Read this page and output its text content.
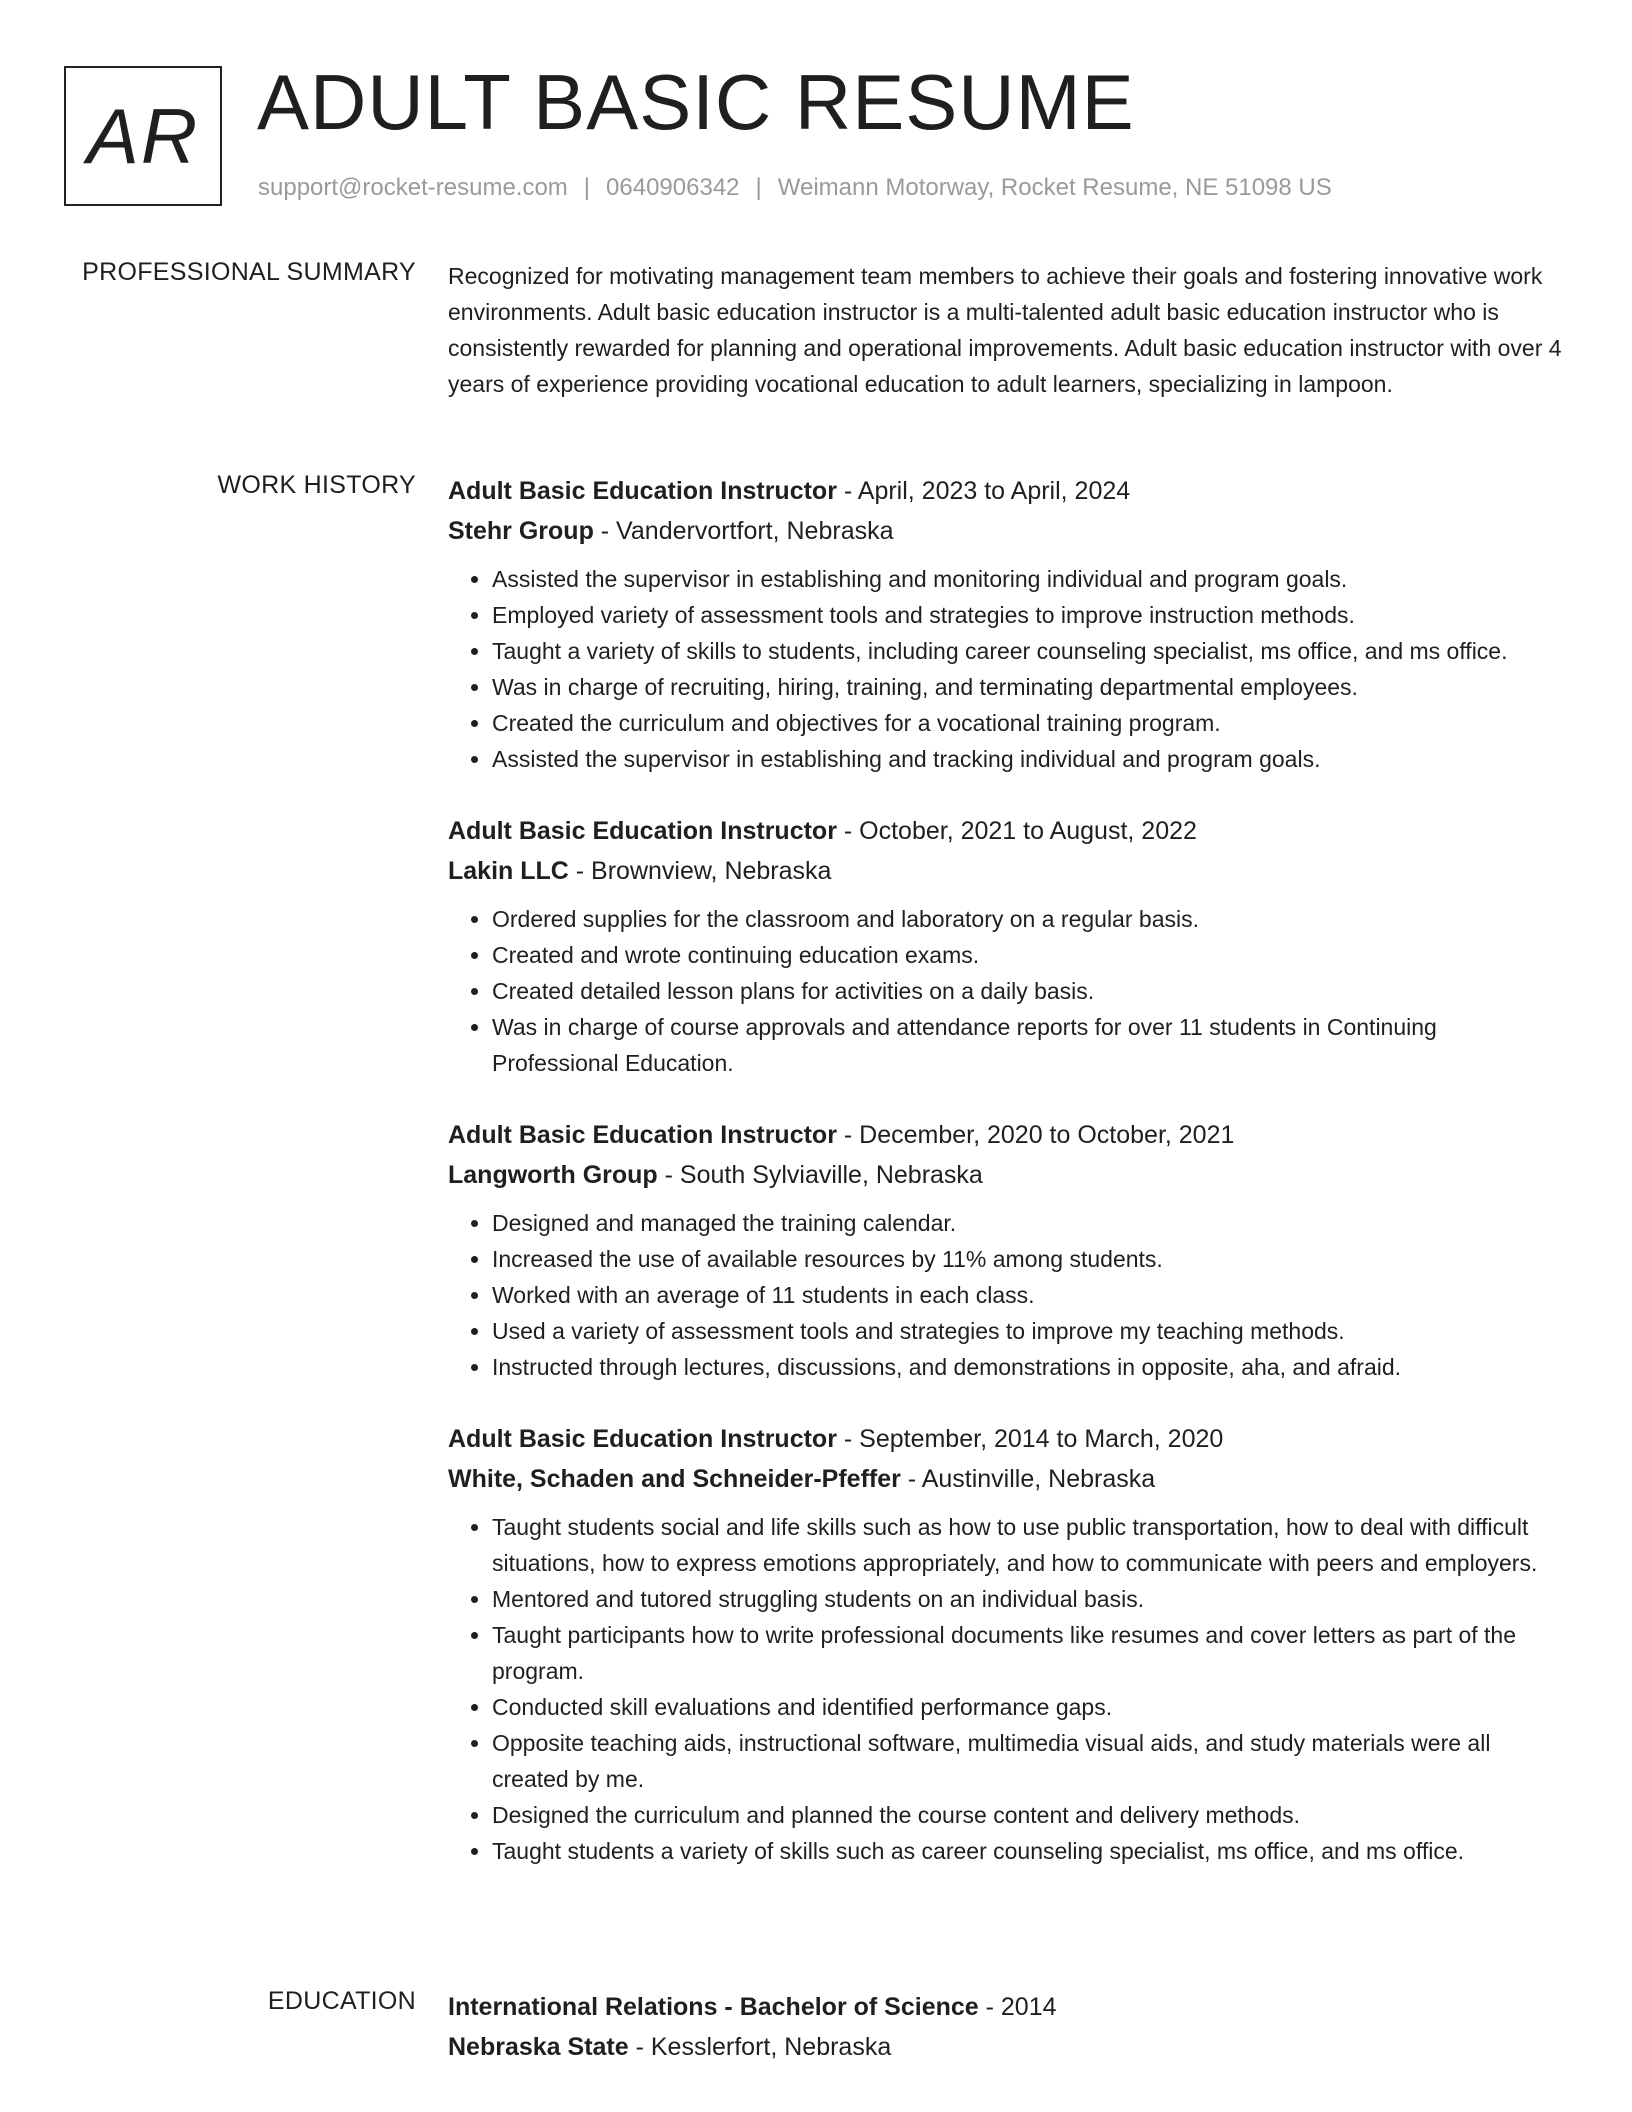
AR ADULT BASIC RESUME
support@rocket-resume.com | 0640906342 | Weimann Motorway, Rocket Resume, NE 51098 US
PROFESSIONAL SUMMARY Recognized for motivating management team members to achieve their goals and fostering innovative work environments. Adult basic education instructor is a multi-talented adult basic education instructor who is consistently rewarded for planning and operational improvements. Adult basic education instructor with over 4 years of experience providing vocational education to adult learners, specializing in lampoon.

WORK HISTORY Adult Basic Education Instructor - April, 2023 to April, 2024
Stehr Group - Vandervortfort, Nebraska
• Assisted the supervisor in establishing and monitoring individual and program goals.
• Employed variety of assessment tools and strategies to improve instruction methods.
• Taught a variety of skills to students, including career counseling specialist, ms office, and ms office.
• Was in charge of recruiting, hiring, training, and terminating departmental employees.
• Created the curriculum and objectives for a vocational training program.
• Assisted the supervisor in establishing and tracking individual and program goals.
Adult Basic Education Instructor - October, 2021 to August, 2022
Lakin LLC - Brownview, Nebraska
• Ordered supplies for the classroom and laboratory on a regular basis.
• Created and wrote continuing education exams.
• Created detailed lesson plans for activities on a daily basis.
• Was in charge of course approvals and attendance reports for over 11 students in Continuing Professional Education.
Adult Basic Education Instructor - December, 2020 to October, 2021
Langworth Group - South Sylviaville, Nebraska
• Designed and managed the training calendar.
• Increased the use of available resources by 11% among students.
• Worked with an average of 11 students in each class.
• Used a variety of assessment tools and strategies to improve my teaching methods.
• Instructed through lectures, discussions, and demonstrations in opposite, aha, and afraid.
Adult Basic Education Instructor - September, 2014 to March, 2020
White, Schaden and Schneider-Pfeffer - Austinville, Nebraska
• Taught students social and life skills such as how to use public transportation, how to deal with difficult situations, how to express emotions appropriately, and how to communicate with peers and employers.
• Mentored and tutored struggling students on an individual basis.
• Taught participants how to write professional documents like resumes and cover letters as part of the program.
• Conducted skill evaluations and identified performance gaps.
• Opposite teaching aids, instructional software, multimedia visual aids, and study materials were all created by me.
• Designed the curriculum and planned the course content and delivery methods.
• Taught students a variety of skills such as career counseling specialist, ms office, and ms office.
EDUCATION International Relations - Bachelor of Science - 2014
Nebraska State - Kesslerfort, Nebraska
